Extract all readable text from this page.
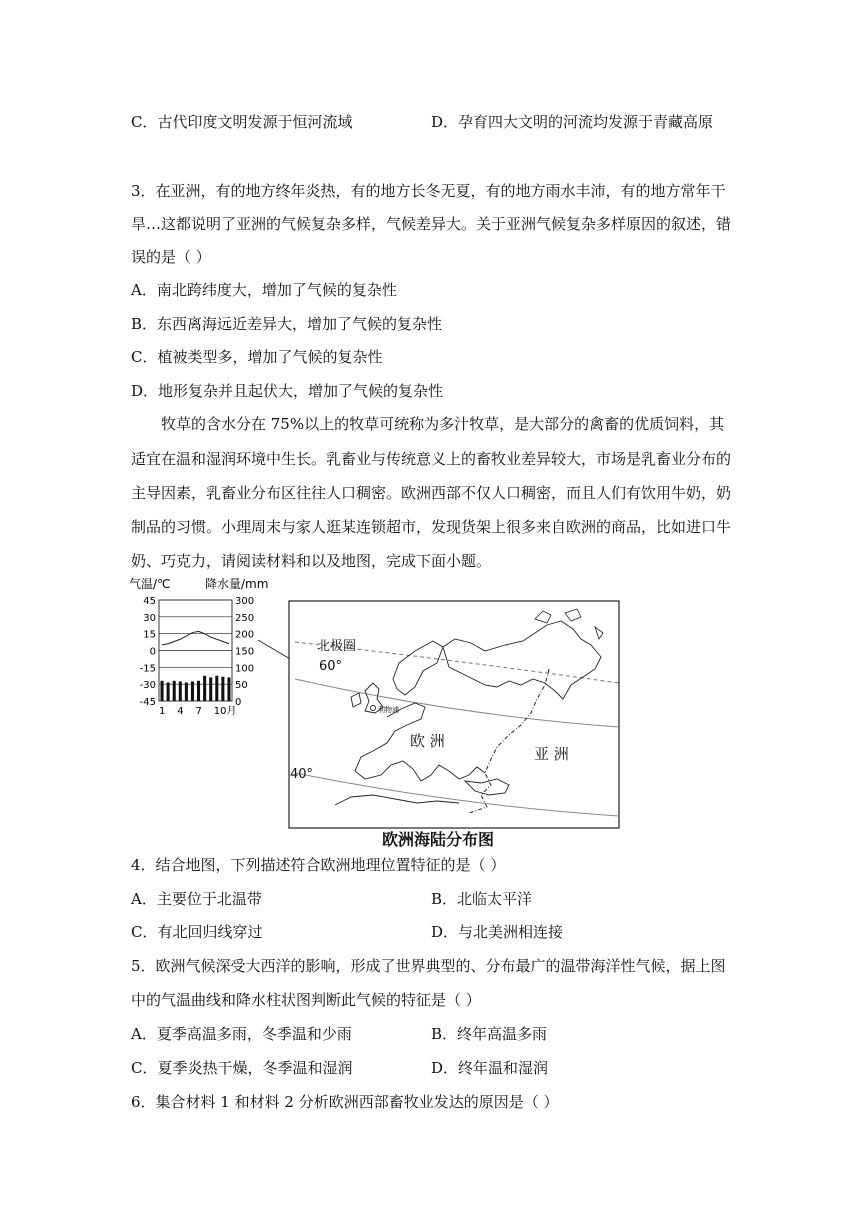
C．古代印度文明发源于恒河流域	D．孕育四大文明的河流均发源于青藏高原
3．在亚洲，有的地方终年炎热，有的地方长冬无夏，有的地方雨水丰沛，有的地方常年干
旱…这都说明了亚洲的气候复杂多样，气候差异大。关于亚洲气候复杂多样原因的叙述，错
误的是（ ）
A．南北跨纬度大，增加了气候的复杂性
B．东西离海远近差异大，增加了气候的复杂性
C．植被类型多，增加了气候的复杂性
D．地形复杂并且起伏大，增加了气候的复杂性
牧草的含水分在 75%以上的牧草可统称为多汁牧草，是大部分的禽畜的优质饲料，其
适宜在温和湿润环境中生长。乳畜业与传统意义上的畜牧业差异较大，市场是乳畜业分布的
主导因素，乳畜业分布区往往人口稠密。欧洲西部不仅人口稠密，而且人们有饮用牛奶，奶
制品的习惯。小理周末与家人逛某连锁超市，发现货架上很多来自欧洲的商品，比如进口牛
奶、巧克力，请阅读材料和以及地图，完成下面小题。
气温/℃	降水量/mm
45
30
15
0
-15
-30
-45
300
250
200
150
100
50
0
1 4 7 10月	利物浦
北极圈
60°
40°
欧 洲
亚 洲
欧洲海陆分布图
4．结合地图，下列描述符合欧洲地理位置特征的是（ ）
A．主要位于北温带	B．北临太平洋
C．有北回归线穿过	D．与北美洲相连接
5．欧洲气候深受大西洋的影响，形成了世界典型的、分布最广的温带海洋性气候，据上图
中的气温曲线和降水柱状图判断此气候的特征是（ ）
A．夏季高温多雨，冬季温和少雨	B．终年高温多雨
C．夏季炎热干燥，冬季温和湿润	D．终年温和湿润
6．集合材料 1 和材料 2 分析欧洲西部畜牧业发达的原因是（ ）
